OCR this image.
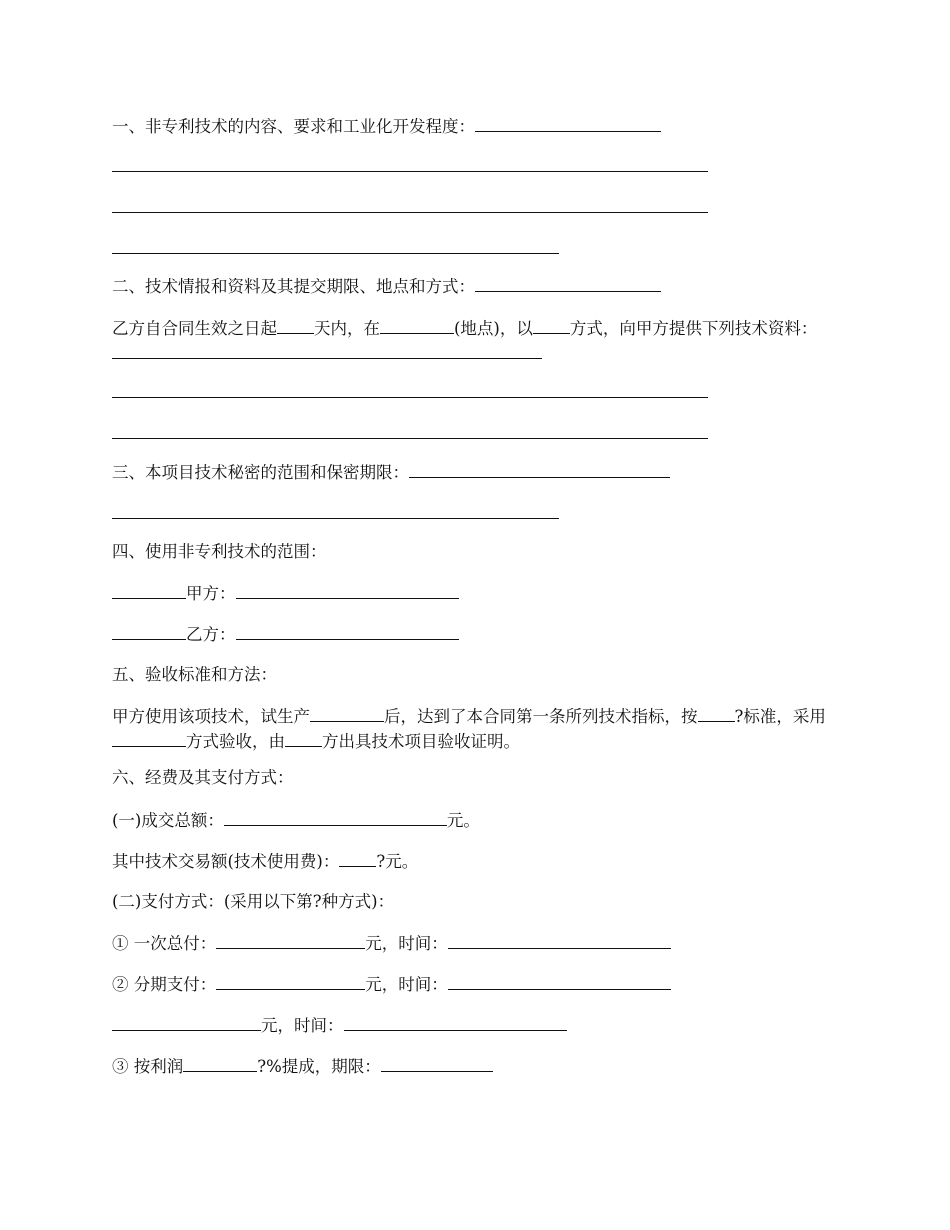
一、非专利技术的内容、要求和工业化开发程度：
二、技术情报和资料及其提交期限、地点和方式：
乙方自合同生效之日起 天内，在	(地点)，以 方式，向甲方提供下列技术资料：
三、本项目技术秘密的范围和保密期限：
四、使用非专利技术的范围：
甲方：
乙方：
五、验收标准和方法：
甲方使用该项技术，试生产	后，达到了本合同第一条所列技术指标，按 ?标准，采用方式验收，由 方出具技术项目验收证明。
六、经费及其支付方式：
(一)成交总额：	元。
其中技术交易额(技术使用费)： ?元。
(二)支付方式：(采用以下第?种方式)：
① 一次总付：	元，时间：
② 分期支付：	元，时间：
元，时间：
③ 按利润	?%提成，期限：
